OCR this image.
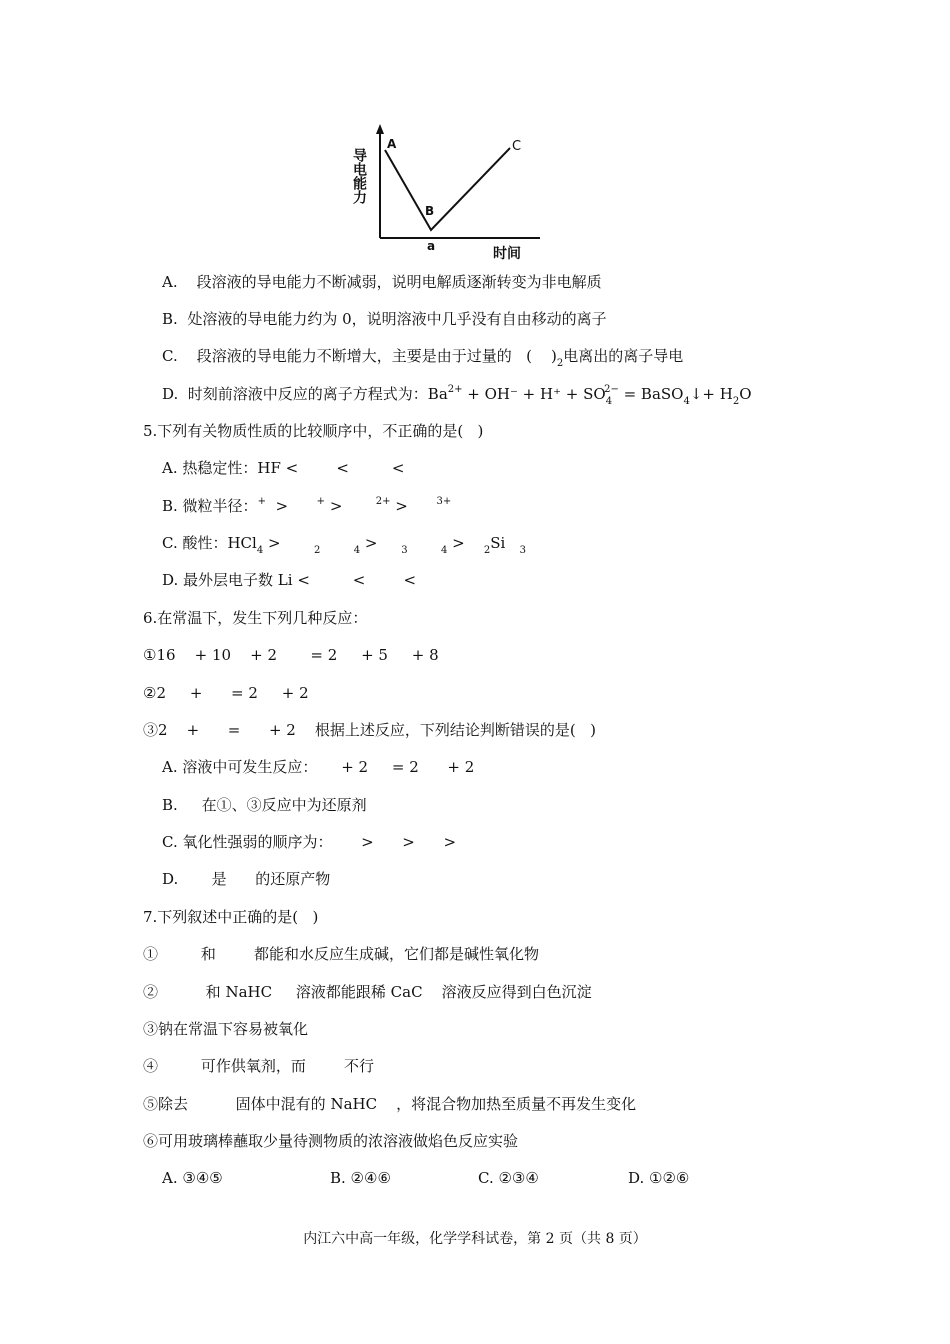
A
B
C
a	时间
导电能力
A.    段溶液的导电能力不断减弱，说明电解质逐渐转变为非电解质
B.  处溶液的导电能力约为 0，说明溶液中几乎没有自由移动的离子
C.    段溶液的导电能力不断增大，主要是由于过量的   (    )$_2$电离出的离子导电
D.  时刻前溶液中反应的离子方程式为：$Ba^{2+} + OH^- + H^+ + SO_4^{2-}$ = BaSO$_4$↓+ $H_2O$
5.下列有关物质性质的比较顺序中，不正确的是(   )
A. 热稳定性：HF <        <         <
B. 微粒半径：+  >      + >       $^{2+}$ >      $^{3+}$
C. 酸性：HCl$_4$ >       $_2$	$_4$ >     $_3$	$_4$ >    $_2$Si   $_3$
D. 最外层电子数 Li <         <        <
6.在常温下，发生下列几种反应：
①16    + 10    + 2       = 2     + 5     + 8
②2     +      = 2     + 2
③2    +      =      + 2    根据上述反应，下列结论判断错误的是(   )
A. 溶液中可发生反应：     + 2     = 2      + 2
B.     在①、③反应中为还原剂
C. 氧化性强弱的顺序为：      >      >      >
D.       是      的还原产物
7.下列叙述中正确的是(   )
①         和        都能和水反应生成碱，它们都是碱性氧化物
②          和 NaHC     溶液都能跟稀 CaC    溶液反应得到白色沉淀
③钠在常温下容易被氧化
④         可作供氧剂，而        不行
⑤除去          固体中混有的 NaHC    ，将混合物加热至质量不再发生变化
⑥可用玻璃棒蘸取少量待测物质的浓溶液做焰色反应实验
A. ③④⑤	B. ②④⑥	C. ②③④	D. ①②⑥
内江六中高一年级，化学学科试卷，第 2 页（共 8 页）
